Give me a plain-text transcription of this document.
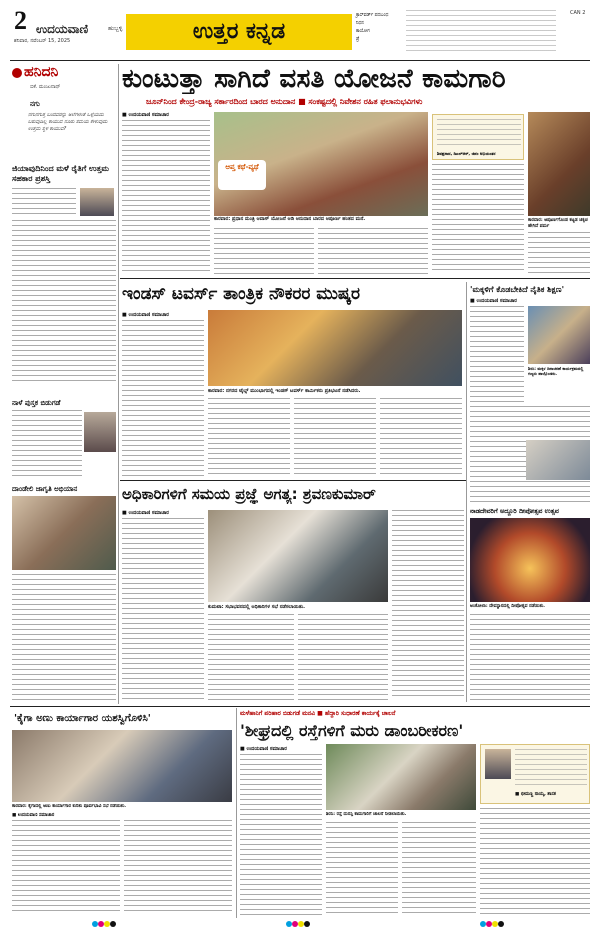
2 ಉದಯವಾಣಿ	ಹುಬ್ಬಳ್ಳಿ
ಶನಿವಾರ, ನವೆಂಬರ್ 15, 2025	ಉತ್ತರ ಕನ್ನಡ
ಕ್ರಾಸ್‌ವರ್ಡ್‌ ಪದಬಂಧ
ನಿಧನ
ಕಾಯೋಗ
ಡ್ರೆ
CAN 2
ಹನಿದನಿ
ಬಿಕೆ. ಮಂಜುನಾಥ್
ನಗು
ನಗುನಗುತ್ತ ಬಂದವರನ್ನು ಅಲೆಗಳಂತೆ ಒಳ್ಳೆಯದು ಬರುವುದಿಲ್ಲ ಕಾಯುವ ನೂರು ಸಮಯ ಕೇಳುವುದು ಉತ್ತಮ ಸ್ಥಳ ಕಾಯುವ?
ಕುಂಟುತ್ತಾ ಸಾಗಿದೆ ವಸತಿ ಯೋಜನೆ ಕಾಮಗಾರಿ
ಜೂನ್‌ನಿಂದ ಕೇಂದ್ರ-ರಾಜ್ಯ ಸರ್ಕಾರದಿಂದ ಬಾರದ ಅನುದಾನ ■ ಸಂಕಷ್ಟದಲ್ಲಿ ನಿವೇಶನ ರಹಿತ ಫಲಾನುಭವಿಗಳು
ಜಿಯಾವುದಿನಿಂದ ಮಳೆ ರೈತಿಗೆ ಉತ್ತಮ ಸಹಕಾರ ಪ್ರಶಸ್ತಿ
ನಾಳೆ ಪುಸ್ತಕ ಬಿಡುಗಡೆ
ದಾಂಡೇಲಿ ಜಾಗೃತಿ ಅಭಿಯಾನ
■ ಉದಯವಾಣಿ ಸಮಾಚಾರ
ಆಪ್ತ ಕಥೆ-ವ್ಯಥೆ
ಕಾರವಾರ: ಪ್ರಧಾನ ಮಂತ್ರಿ ಆವಾಸ್‌ ಯೋಜನೆ ಅಡಿ ಅನುದಾನ ಬಾರದ ಅಪೂರ್ಣ ಹಂತದ ಮನೆ.
ಶಿವಪ್ರಸಾದ, ಡಿಎಲ್‌ಆರ್‌, ಜಿಪಂ ಅಭಿಯಂತರ
ಕಾರವಾರ: ಅಪೂರ್ಣಗೊಂಡ ಕಟ್ಟಡ ಚಿಕ್ಕಚ ಹೇಗಿದೆ ಪರ್ಮ
ಇಂಡಸ್‌ ಟವರ್ಸ್‌ ತಾಂತ್ರಿಕ ನೌಕರರ ಮುಷ್ಕರ
■ ಉದಯವಾಣಿ ಸಮಾಚಾರ
ಕಾರವಾರ: ನಗರದ ಟೈಲ್ಸ್‌ ಮುಂಭಾಗದಲ್ಲಿ ಇಂಡಸ್‌ ಟವರ್ಸ್‌ ಕಾರ್ಮಿಕರು ಪ್ರತಿಭಟನೆ ನಡೆಸಿದರು.
'ಮಕ್ಕಳಿಗೆ ಕೊಡಬೇಕಿದೆ ನೈತಿಕ ಶಿಕ್ಷಣ'
■ ಉದಯವಾಣಿ ಸಮಾಚಾರ
ಶಿರಸಿ: ಮಕ್ಕಳ ದಿನಾಚರಣೆ ಕಾರ್ಯಕ್ರಮದಲ್ಲಿ ಗಣ್ಯರು ಪಾಲ್ಗೊಂಡರು.
ಅಧಿಕಾರಿಗಳಿಗೆ ಸಮಯ ಪ್ರಜ್ಞೆ ಅಗತ್ಯ: ಶ್ರವಣಕುಮಾರ್‌
■ ಉದಯವಾಣಿ ಸಮಾಚಾರ
ಕುಮಟಾ: ಸಭಾಭವನದಲ್ಲಿ ಅಧಿಕಾರಿಗಳ ಸಭೆ ನಡೆಸಲಾಯಿತು.
ನಾಡದೇವರಿಗೆ ಅದ್ದೂರಿ ದೀಪೋತ್ಸವ ಉತ್ಸವ
ಅಂಕೋಲಾ: ದೇವಸ್ಥಾನದಲ್ಲಿ ದೀಪೋತ್ಸವ ನಡೆಯಿತು.
'ಕೈಗಾ ಅಣು ಕಾರ್ಯಾಗಾರ ಯಶಸ್ವಿಗೊಳಿಸಿ'
ಕಾರವಾರ: ಕೈಗಾದಲ್ಲಿ ಅಣು ಕಾರ್ಯಾಗಾರ ಕುರಿತು ಪೂರ್ವಭಾವಿ ಸಭೆ ನಡೆಯಿತು.
■ ಉದಯವಾಣಿ ಸಮಾಚಾರ
ಮಳೆಹಾನಿಗೆ ಪರಿಹಾರ ಬಿಡುಗಡೆ ಮನವಿ ■ ಹೆದ್ದಾರಿ ಸುಧಾರಣೆ ಕಾರ್ಯಕ್ಕೆ ಚಾಲನೆ
'ಶೀಘ್ರದಲ್ಲಿ ರಸ್ತೆಗಳಿಗೆ ಮರು ಡಾಂಬರೀಕರಣ'
■ ಉದಯವಾಣಿ ಸಮಾಚಾರ
ಶಿರಸಿ: ರಸ್ತೆ ದುರಸ್ತಿ ಕಾಮಗಾರಿಗೆ ಚಾಲನೆ ನೀಡಲಾಯಿತು.
■ ಭೀಮಣ್ಣ ನಾಯ್ಕ, ಶಾಸಕ
